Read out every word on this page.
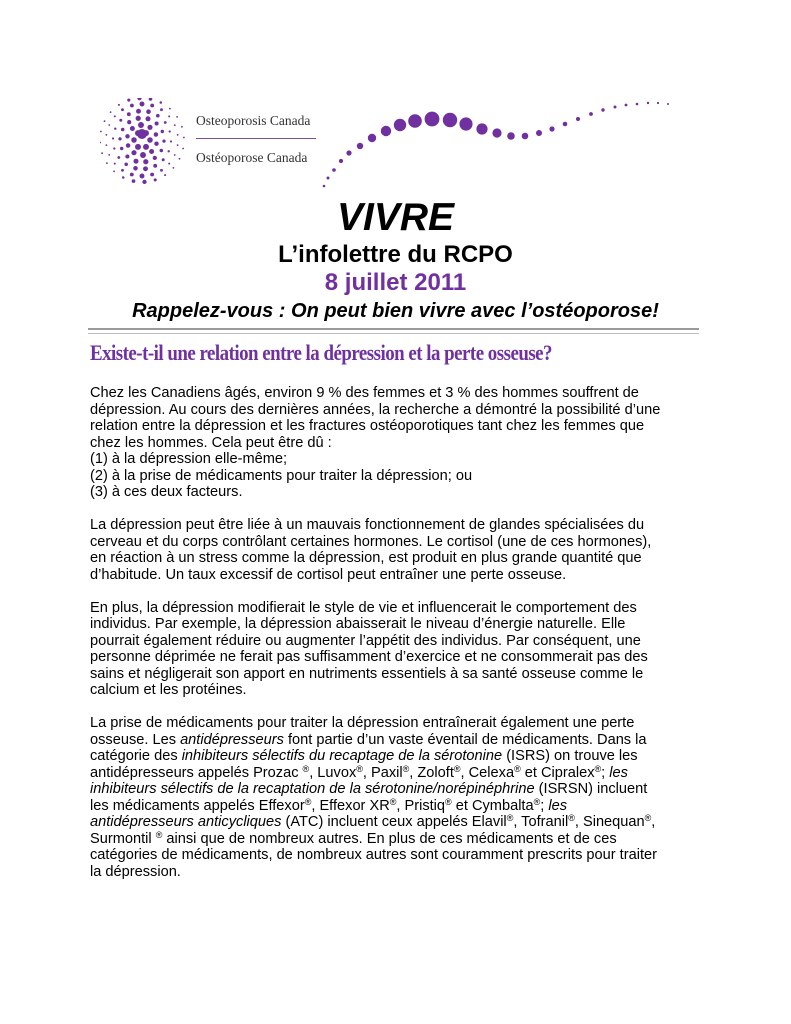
Osteoporosis Canada
Ostéoporose Canada
VIVRE
L’infolettre du RCPO
8 juillet 2011
Rappelez-vous : On peut bien vivre avec l’ostéoporose!
Existe-t-il une relation entre la dépression et la perte osseuse?

Chez les Canadiens âgés, environ 9 % des femmes et 3 % des hommes souffrent de
dépression. Au cours des dernières années, la recherche a démontré la possibilité d’une
relation entre la dépression et les fractures ostéoporotiques tant chez les femmes que
chez les hommes. Cela peut être dû :
(1) à la dépression elle-même;
(2) à la prise de médicaments pour traiter la dépression; ou
(3) à ces deux facteurs.

La dépression peut être liée à un mauvais fonctionnement de glandes spécialisées du
cerveau et du corps contrôlant certaines hormones. Le cortisol (une de ces hormones),
en réaction à un stress comme la dépression, est produit en plus grande quantité que
d’habitude. Un taux excessif de cortisol peut entraîner une perte osseuse.

En plus, la dépression modifierait le style de vie et influencerait le comportement des
individus. Par exemple, la dépression abaisserait le niveau d’énergie naturelle. Elle
pourrait également réduire ou augmenter l’appétit des individus. Par conséquent, une
personne déprimée ne ferait pas suffisamment d’exercice et ne consommerait pas des
sains et négligerait son apport en nutriments essentiels à sa santé osseuse comme le
calcium et les protéines.

La prise de médicaments pour traiter la dépression entraînerait également une perte
osseuse. Les antidépresseurs font partie d’un vaste éventail de médicaments. Dans la
catégorie des inhibiteurs sélectifs du recaptage de la sérotonine (ISRS) on trouve les
antidépresseurs appelés Prozac ®, Luvox®, Paxil®, Zoloft®, Celexa® et Cipralex®; les
inhibiteurs sélectifs de la recaptation de la sérotonine/norépinéphrine (ISRSN) incluent
les médicaments appelés Effexor®, Effexor XR®, Pristiq® et Cymbalta®; les
antidépresseurs anticycliques (ATC) incluent ceux appelés Elavil®, Tofranil®, Sinequan®,
Surmontil ® ainsi que de nombreux autres. En plus de ces médicaments et de ces
catégories de médicaments, de nombreux autres sont couramment prescrits pour traiter
la dépression.
